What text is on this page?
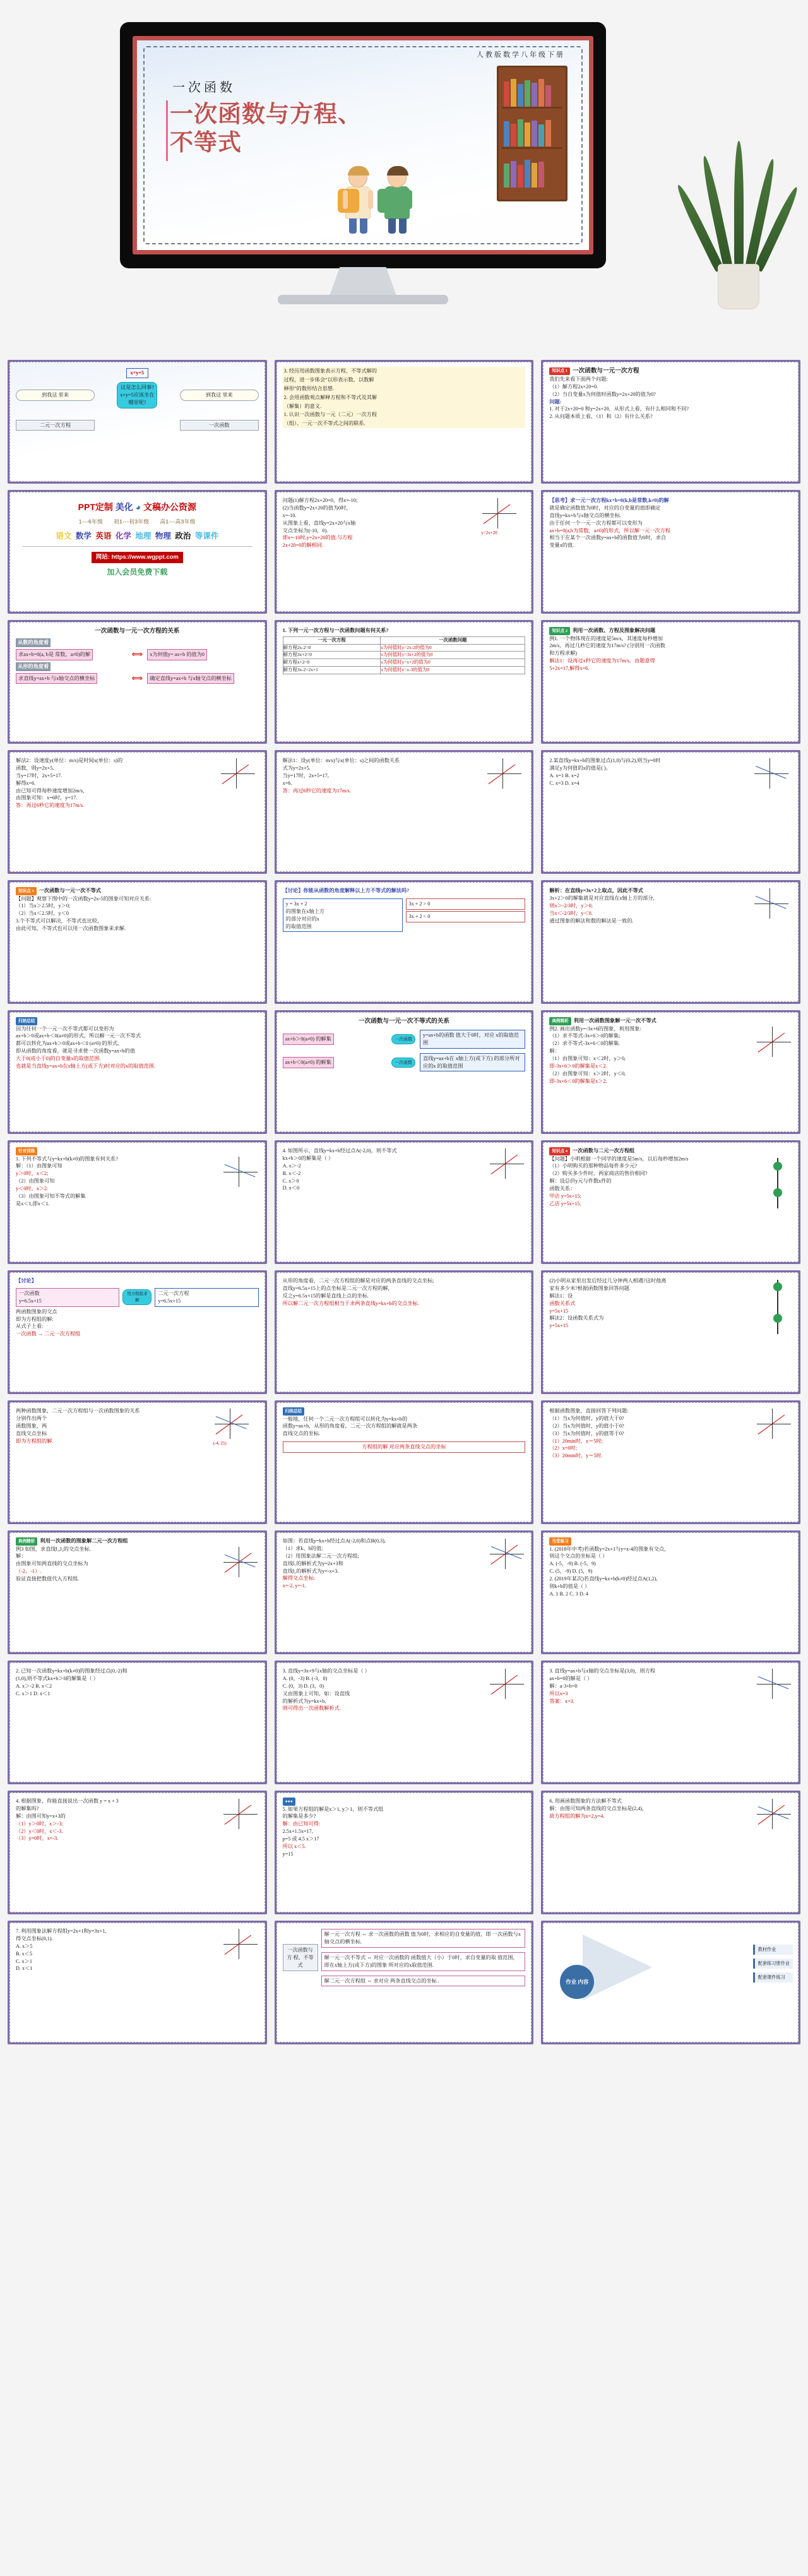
人教版数学八年级下册
一次函数
一次函数与方程、
不等式
x+y=5
到我这 里来
这是怎么回事?
x+y=5应该坐在
哪里呢?
到我这 里来
二元一次方程	一次函数
3. 经历用函数图象表示方程、不等式解的
过程，进一步体会“以形表示数，以数解
释形”的数形结合思想.
2. 会用函数观点解释方程和不等式及其解
（解集）的意义.
1. 认识一次函数与一元（二元）一次方程
（组）、一元一次不等式之间的联系.
知识点 1 一次函数与一元一次方程
我们先来看下面两个问题:
（1）解方程2x+20=0.
（2）当自变量x为何值时函数y=2x+20的值为0?
问题:
1. 对于2x+20=0 和y=2x+20，从形式上看，有什么相同和不同?
2. 从问题本质上看，（1）和（2）有什么关系?
PPT定制 美化 ◕ 文稿办公资源
1---6年级 初1---初3年级 高1---高3年级
语文 数学 英语 化学 地理 物理 政治 等课件
网站: https://www.wgppt.com
加入会员免费下载
问题(1)解方程2x+20=0，得x=-10;
(2)当函数y=2x+20的值为0时，
x=-10.
从图象上看，直线y=2x+20与x轴
交点坐标为(-10，0).
即x=-10时,y=2x+20的值.与方程
2x+20=0的解相同.
y=2x+20
【思考】求一元一次方程kx+b=0(k,b是常数,k≠0)的解
就是确定函数值为0时，对应的自变量的值即确定
直线y=kx+b与x轴交点的横坐标.
由于任何一个一元一次方程都可以变形为
ax+b=0(a,b为常数，a≠0)的形式，所以解一元一次方程
相当于在某个一次函数y=ax+b的函数值为0时，求自
变量x的值.
一次函数与一元一次方程的关系
从数的角度看
求ax+b=0(a, b是 常数，a≠0)的解	⟺	x为何值y= ax+b 的值为0
从形的角度看
求直线y=ax+b 与x轴交点的横坐标	⟺	确定直线y=ax+b 与x轴交点的横坐标
1. 下列一元一次方程与一次函数问题有何关系?
一元一次方程	一次函数问题
解方程2x-2=0	x为何值时y=2x-2的值为0
解方程3x+2=0	x为何值时y=3x+2的值为0
解方程x+2=0	x为何值时y=x+2的值为0
解方程3x-2=2x+1	x为何值时y=x-3的值为0
知识点 2 利用一次函数、方程及图象解决问题
例1. 一个物体现在的速度是5m/s，其速度每秒增加
2m/s，再过几秒它的速度为17m/s? (分别用一次函数
和方程求解)
解法1：设再过x秒它的速度为17m/s，由题意得
5+2x=17,解得x=6.
解法2：设速度y(单位：m/s)是时间x(单位：s)的
函数，则y=2x+5,
当y=17时，2x+5=17.
解得x=6.
由已知可得每秒速度增加2m/s，
由图象可知：x=6时，y=17.
答：再过6秒它的速度为17m/s.
解法1：设y(单位：m/s)与x(单位：s)之间的函数关系
式为y=2x+5.
当y=17时，2x+5=17,
x=6.
答：再过6秒它的速度为17m/s.
2.某直线y=kx+b的图象过点(1,0)与(0,2),则当y=0时
满足y为何值的x的值是( )。
A. x=1 B. x=2
C. x=3 D. x=4
知识点 3 一次函数与一元一次不等式
【问题】观察下图中的一次函数y=2x-5的图象可知对应关系:
（1）当x＞2.5时，y＞0;
（2）当x＜2.5时，y＜0
3.个不等式可以解决，不等式也比较，
由此可知，不等式也可以用一次函数图象来求解.
【讨论】你能从函数的角度解释以上方不等式的解法吗?
y = 3x + 2
的图象在x轴上方
的部分对应的x
的取值范围
3x + 2 > 0
3x + 2 < 0
解析：在直线y=3x+2上取点，因此不等式
3x+2＞0的解集就是对应直线在x轴上方的部分,
则x＞-2/3时，y＞0;
当x＜-2/3时，y＜0.
通过图象的解法和数的解法是一致的.
归纳总结
因为任何一个一元一次不等式都可以变形为
ax+b＞0或ax+b＜0(a≠0)的形式，所以解一元一次不等式
都可以转化为ax+b＞0或ax+b＜0 (a≠0) 的形式,
即从函数的角度看，就是寻求使一次函数y=ax+b的值
大于0(或小于0)的自变量x的取值范围.
也就是当直线y=ax+b在x轴上方(或下方)时对应的x的取值范围.
一次函数与一元一次不等式的关系
ax+b＞0(a≠0) 的解集	一次函数
y=ax+b的函数 值大于0时，对应 x的取值范围
ax+b＜0(a≠0) 的解集	一次函数
直线y=ax+b在 x轴上方(或下方) 的部分所对应的x 的取值范围
典例精析 利用一次函数图象解一元一次不等式
例2. 画出函数y=-3x+6的图象，利用图象:
（1）求不等式-3x+6＞0的解集;
（2）求不等式-3x+6＜0的解集.
解：
（1）由图象可知：x＜2时，y＞0,
即-3x+6＞0的解集是x＜2.
（2）由图象可知：x＞2时，y＜0,
即-3x+6＜0的解集是x＞2.
针对训练
1. 下列不等式与y=kx+b(k≠0)的图象有何关系?
解：（1）由图象可知
y＞0时，x＜2;
（2）由图象可知
y＜0时，x＞2.
（3）由图象可知不等式的解集
是x＜1,即x＜1.
4. 如图所示，直线y=kx+b经过点A(-2,0)，则不等式
kx+b＞0的解集是（ ）
A. x＞-2
B. x＜-2
C. x＞0
D. x＜0
知识点 4 一次函数与二元一次方程组
【问题】小明根据一个同学的速度是5m/s，以后每秒增加2m/s
（1）小明购买的那种物品每件多少元?
（2）购买多少件时，两家商店的售价相同?
解：设总价y元与件数x件的
函数关系：
甲店 y=5x+15;
乙店 y=5x+15.
【讨论】
一次函数
y=6.5x+15
用方程组求解
二元一次方程
y=6.5x+15
两函数图象的交点
即为方程组的解:
从式子上看:
一次函数 → 二元一次方程组
从形的角度看，二元一次方程组的解是对应的两条直线的交点坐标;
直线y=6.5x+15上的点坐标是二元一次方程的解，
反之y=6.5x+15的解是直线上点的坐标.
所以解二元一次方程组相当于求两条直线y=kx+b的交点坐标.
(2)小明从家里出发后经过几分钟两人相遇?这时他离
家有多少米?根据函数图象回答问题.
解法1：设
函数关系式
y=5x+15
解法2：设函数关系式为
y=5x+15
两种函数图象，二元一次方程组与一次函数图象的关系
分别作出两个
函数图象，两
直线交点坐标
即为方程组的解.	(-4, 25)
归纳总结
一般地，任何一个二元一次方程组可以转化为y=kx+b的
函数y=ax+b，从形的角度看，二元一次方程组的解就是两条
直线交点的坐标.
方程组的解 对应两条直线交点的坐标
根据函数图象，直接回答下列问题:
（1）当x为何值时，y的值大于0?
（2）当x为何值时，y的值小于0?
（3）当x为何值时，y的值等于0?
（1）20min时，x＝5时;
（2）x=0时;
（3）20min时，y＝5时.
典例精析 利用一次函数的图象解二元一次方程组
例3 如图，求直线l₁,l₂的交点坐标.
解：
由图象可知两直线的交点坐标为
（-2，-1）.
验证直接把数值代入方程组.
如图：若直线y=kx+b经过点A(-2,0)和点B(0,3),
（1）求k、b的值;
（2）用图象法解二元一次方程组;
直线l₁的解析式为y=2x+3和
直线l₂的解析式为y=-x+3.
解得交点坐标:
x=-2, y=-1.
当堂练习
1. (2018年中考)若函数y=2x+1与y=x-4的图象有交点，
则这个交点的坐标是（ ）
A. (-5，-9) B. (-5，9)
C. (5，-9) D. (5，9)
2. (2019年某次)若直线y=kx+b(k≠0)经过点A(1,2),
则k+b的值是（ ）
A. 1 B. 2 C. 3 D. 4
2. 已知一次函数y=kx+b(k≠0)的图象经过点(0,-2)和
(1,0),则不等式kx+b＞0的解集是（ ）
A. x＞-2 B. x＜2
C. x＞1 D. x＜1
3. 直线y=3x+9与x轴的交点坐标是（ ）
A. (0，-3) B. (-3，0)
C. (0，3) D. (3，0)
又由图象上可知，如：设直线
的解析式为y=kx+b,
则可得出一次函数解析式.
3. 直线y=ax+b与x轴的交点坐标是(3,0)，则方程
ax+b=0的解是（ ）
解：a·3+b=0
所以x=3
答案：x=3.
4. 根据图象，你能直接说出一次函数 y = x + 3
的解集吗?
解：由图可知y=x+3的
（1）y＞0时，x＞-3;
（2）y＜0时，x＜-3.
（3）y=0时，x=-3.
●●●
5. 如果方程组的解是x＞1, y＞1，则不等式组
的解集是多少?
解：由已知可得:
2.5x+1.5x=17,
p=5 或 4.5 x＞17
所以 x＜5.
y=15
6. 用画函数图象的方法解不等式
解：由图可知两条直线的交点坐标是(2,4)，
故方程组的解为x=2,y=4.
7. 利用图象法解方程组y=2x+1和y=3x+1,
得交点坐标(0,1).
A. x＞5
B. x＜5
C. x＞1
D. x＜1
一次函数与方 程、不等式
解一元一次方程 ⇔ 求一次函数的函数 值为0时，求相应的自变量的值，即 一次函数与x轴交点的横坐标.
解一元一次不等式 ⇔ 对应一次函数的 函数值大（小）于0时，求自变量的取 值范围，即在x轴上方(或下方)的图象 所对应的x取值范围.
解二元一次方程组 ⇔ 求对应 两条直线交点的坐标 .	作业 内容
教材作业
配套练习册作业
配套课件练习
